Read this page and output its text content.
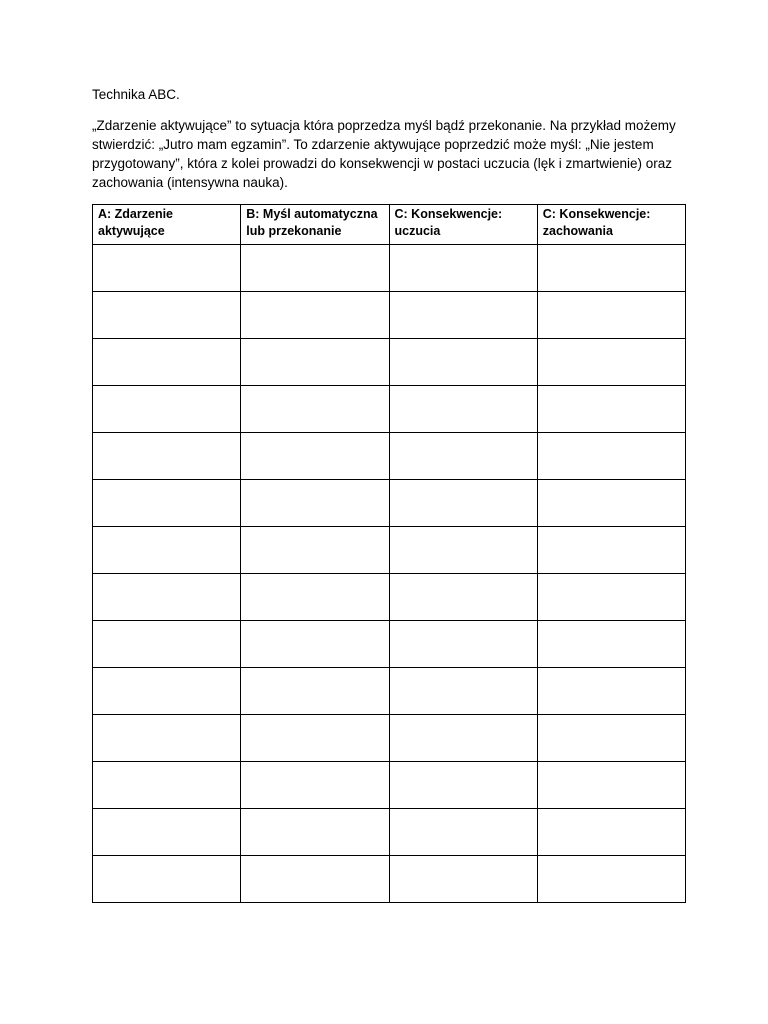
Technika ABC.
„Zdarzenie aktywujące” to sytuacja która poprzedza myśl bądź przekonanie. Na przykład możemy
stwierdzić: „Jutro mam egzamin”. To zdarzenie aktywujące poprzedzić może myśl: „Nie jestem
przygotowany”, która z kolei prowadzi do konsekwencji w postaci uczucia (lęk i zmartwienie) oraz
zachowania (intensywna nauka).
A: Zdarzenie aktywujące	B: Myśl automatyczna lub przekonanie	C: Konsekwencje: uczucia	C: Konsekwencje: zachowania
